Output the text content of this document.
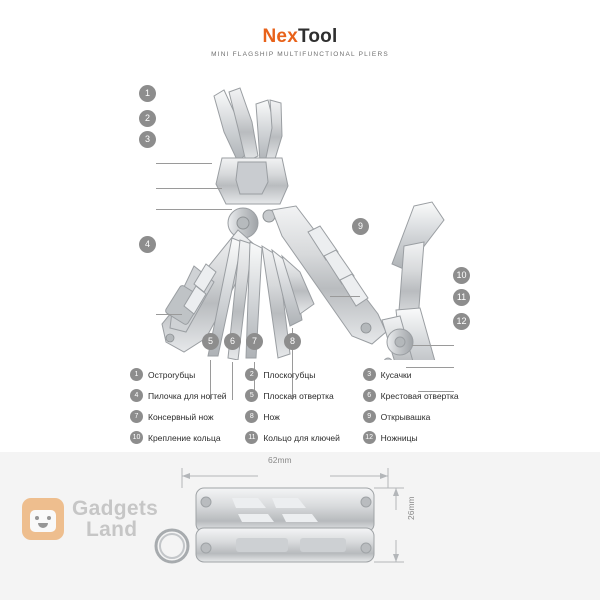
NexTool
MINI FLAGSHIP MULTIFUNCTIONAL PLIERS
1
2
3
4
5	6	7	8
9
10
11
12
1	Остроrубцы	2	Плоскогубцы	3	Кусачки
4	Пилочка для ногтей	5	Плоская отвертка	6	Крестовая отвертка
7	Консервный нож	8	Нож	9	Открывашка
10 Крепление кольца	11 Кольцо для ключей	12 Ножницы
62mm
26mm
Gadgets
Land
